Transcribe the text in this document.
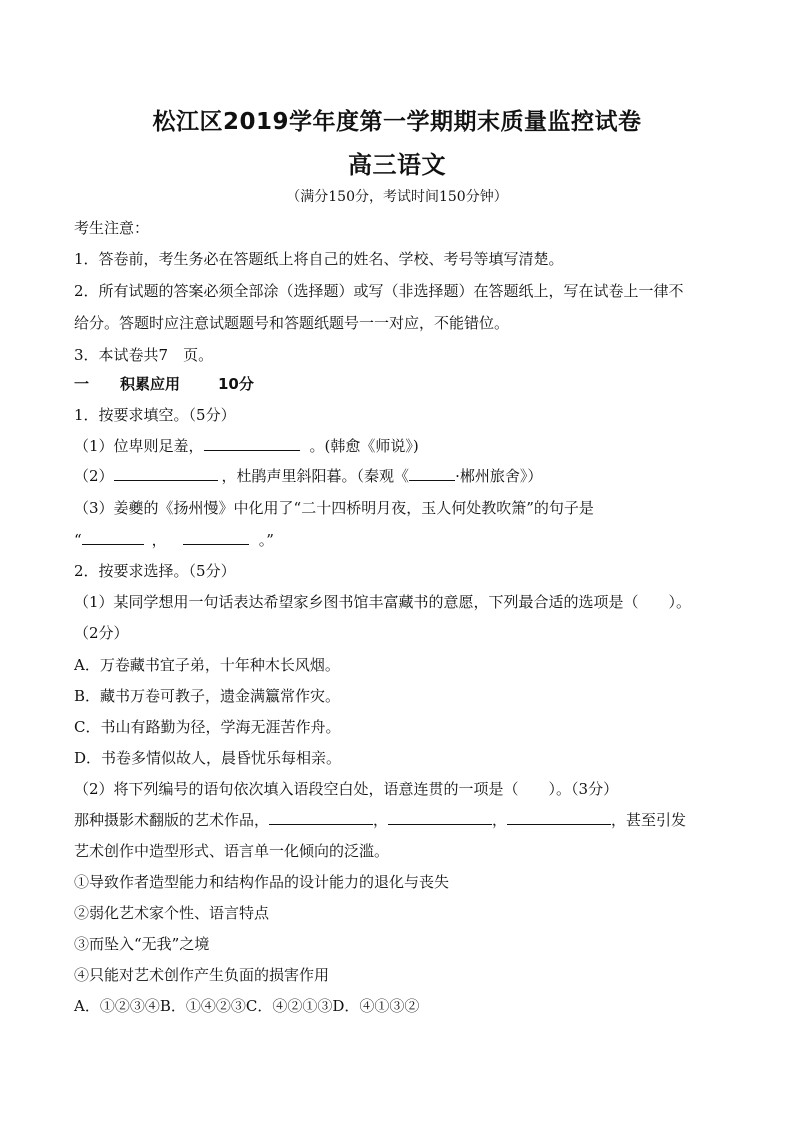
松江区2019学年度第一学期期末质量监控试卷
高三语文
（满分150分，考试时间150分钟）
考生注意：
1．答卷前，考生务必在答题纸上将自己的姓名、学校、考号等填写清楚。
2．所有试题的答案必须全部涂（选择题）或写（非选择题）在答题纸上，写在试卷上一律不
给分。答题时应注意试题题号和答题纸题号一一对应，不能错位。
3．本试卷共7　页。
一 积累应用	10分
1．按要求填空。（5分）
（1）位卑则足羞，	。(韩愈《师说》)
（2）	，杜鹃声里斜阳暮。（秦观《	·郴州旅舍》）
（3）姜夔的《扬州慢》中化用了“二十四桥明月夜，玉人何处教吹箫”的句子是
“	，	。”
2．按要求选择。（5分）
（1）某同学想用一句话表达希望家乡图书馆丰富藏书的意愿，下列最合适的选项是（　　）。
（2分）
A．万卷藏书宜子弟，十年种木长风烟。
B．藏书万卷可教子，遗金满籝常作灾。
C．书山有路勤为径，学海无涯苦作舟。
D．书卷多情似故人，晨昏忧乐每相亲。
（2）将下列编号的语句依次填入语段空白处，语意连贯的一项是（　　）。（3分）
那种摄影术翻版的艺术作品，	，	，	，甚至引发
艺术创作中造型形式、语言单一化倾向的泛滥。
①导致作者造型能力和结构作品的设计能力的退化与丧失
②弱化艺术家个性、语言特点
③而坠入“无我”之境
④只能对艺术创作产生负面的损害作用
A．①②③④B．①④②③C．④②①③D．④①③②
